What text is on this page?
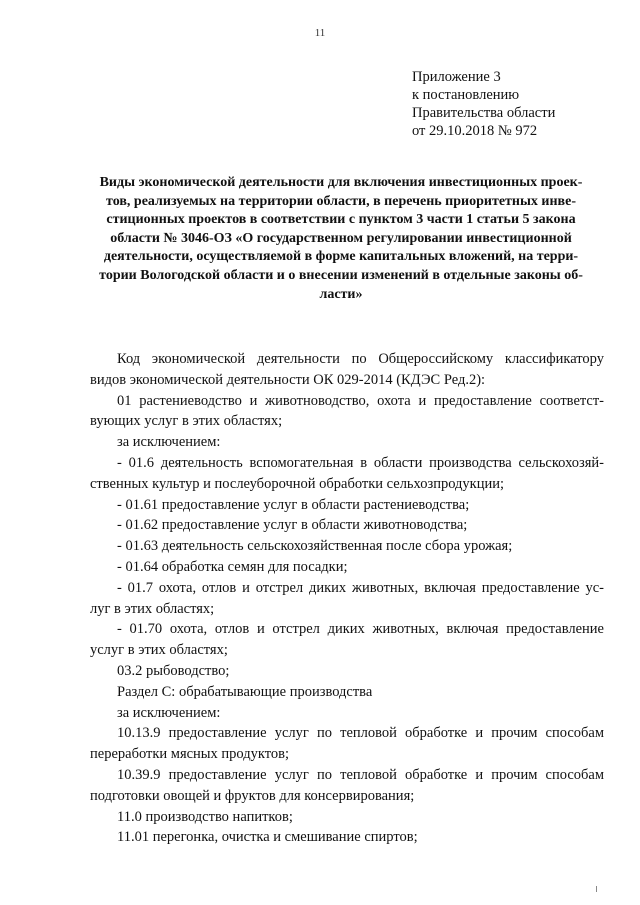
11
Приложение 3
к постановлению
Правительства области
от 29.10.2018 № 972
Виды экономической деятельности для включения инвестиционных проек-
тов, реализуемых на территории области, в перечень приоритетных инве-
стиционных проектов в соответствии с пунктом 3 части 1 статьи 5 закона
области № 3046-ОЗ «О государственном регулировании инвестиционной
деятельности, осуществляемой в форме капитальных вложений, на терри-
тории Вологодской области и о внесении изменений в отдельные законы об-
ласти»
Код экономической деятельности по Общероссийскому классификатору
видов экономической деятельности ОК 029-2014 (КДЭС Ред.2):
01 растениеводство и животноводство, охота и предоставление соответст-
вующих услуг в этих областях;
за исключением:
- 01.6 деятельность вспомогательная в области производства сельскохозяй-
ственных культур и послеуборочной обработки сельхозпродукции;
- 01.61 предоставление услуг в области растениеводства;
- 01.62 предоставление услуг в области животноводства;
- 01.63 деятельность сельскохозяйственная после сбора урожая;
- 01.64 обработка семян для посадки;
- 01.7 охота, отлов и отстрел диких животных, включая предоставление ус-
луг в этих областях;
- 01.70 охота, отлов и отстрел диких животных, включая предоставление
услуг в этих областях;
03.2 рыбоводство;
Раздел С: обрабатывающие производства
за исключением:
10.13.9 предоставление услуг по тепловой обработке и прочим способам
переработки мясных продуктов;
10.39.9 предоставление услуг по тепловой обработке и прочим способам
подготовки овощей и фруктов для консервирования;
11.0 производство напитков;
11.01 перегонка, очистка и смешивание спиртов;
